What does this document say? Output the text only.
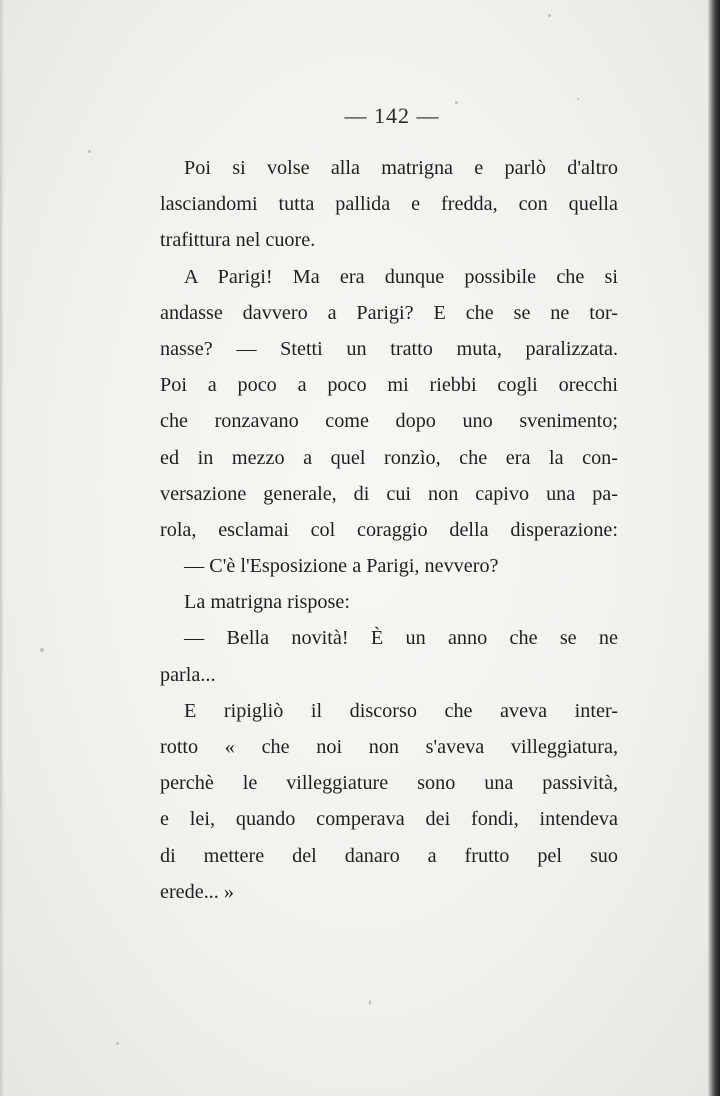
— 142 —
Poi si volse alla matrigna e parlò d'altro
lasciandomi tutta pallida e fredda, con quella
trafittura nel cuore.
A Parigi! Ma era dunque possibile che si
andasse davvero a Parigi? E che se ne tor-
nasse? — Stetti un tratto muta, paralizzata.
Poi a poco a poco mi riebbi cogli orecchi
che ronzavano come dopo uno svenimento;
ed in mezzo a quel ronzìo, che era la con-
versazione generale, di cui non capivo una pa-
rola, esclamai col coraggio della disperazione:
— C'è l'Esposizione a Parigi, nevvero?
La matrigna rispose:
— Bella novità! È un anno che se ne
parla...
E ripigliò il discorso che aveva inter-
rotto « che noi non s'aveva villeggiatura,
perchè le villeggiature sono una passività,
e lei, quando comperava dei fondi, intendeva
di mettere del danaro a frutto pel suo
erede... »
